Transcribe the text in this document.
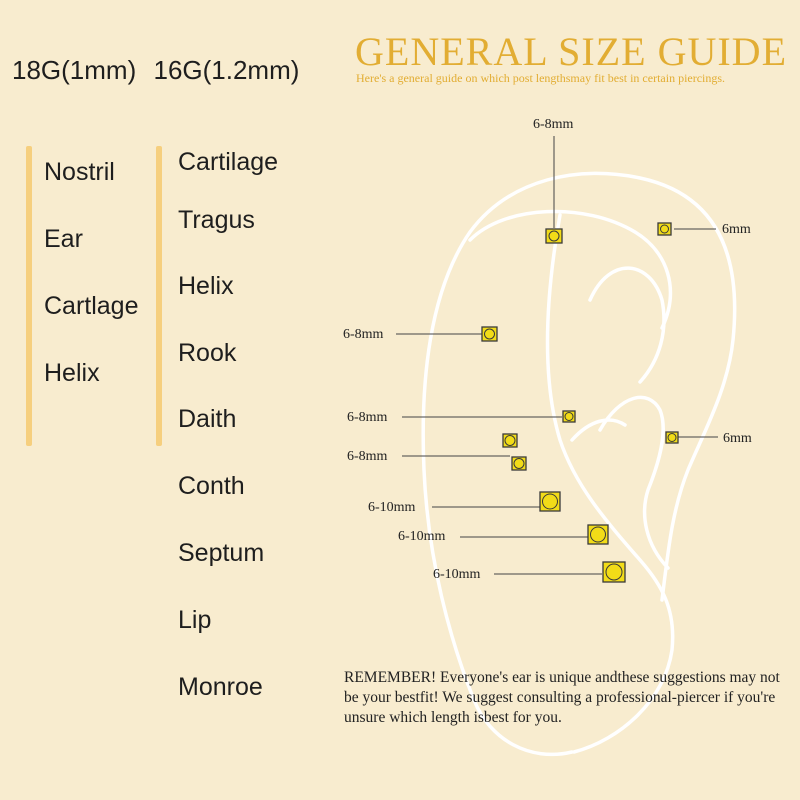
18G(1mm) 16G(1.2mm) GENERAL SIZE GUIDE
Here's a general guide on which post lengthsmay fit best in certain piercings.
Nostril
Ear
Cartlage
Helix
Cartilage
Tragus
Helix
Rook
Daith
Conth
Septum
Lip
Monroe
6-8mm
6mm
6-8mm
6-8mm
6mm
6-8mm
6-10mm
6-10mm
6-10mm
REMEMBER! Everyone's ear is unique andthese suggestions may not be your bestfit! We suggest consulting a professional-piercer if you're unsure which length isbest for you.
